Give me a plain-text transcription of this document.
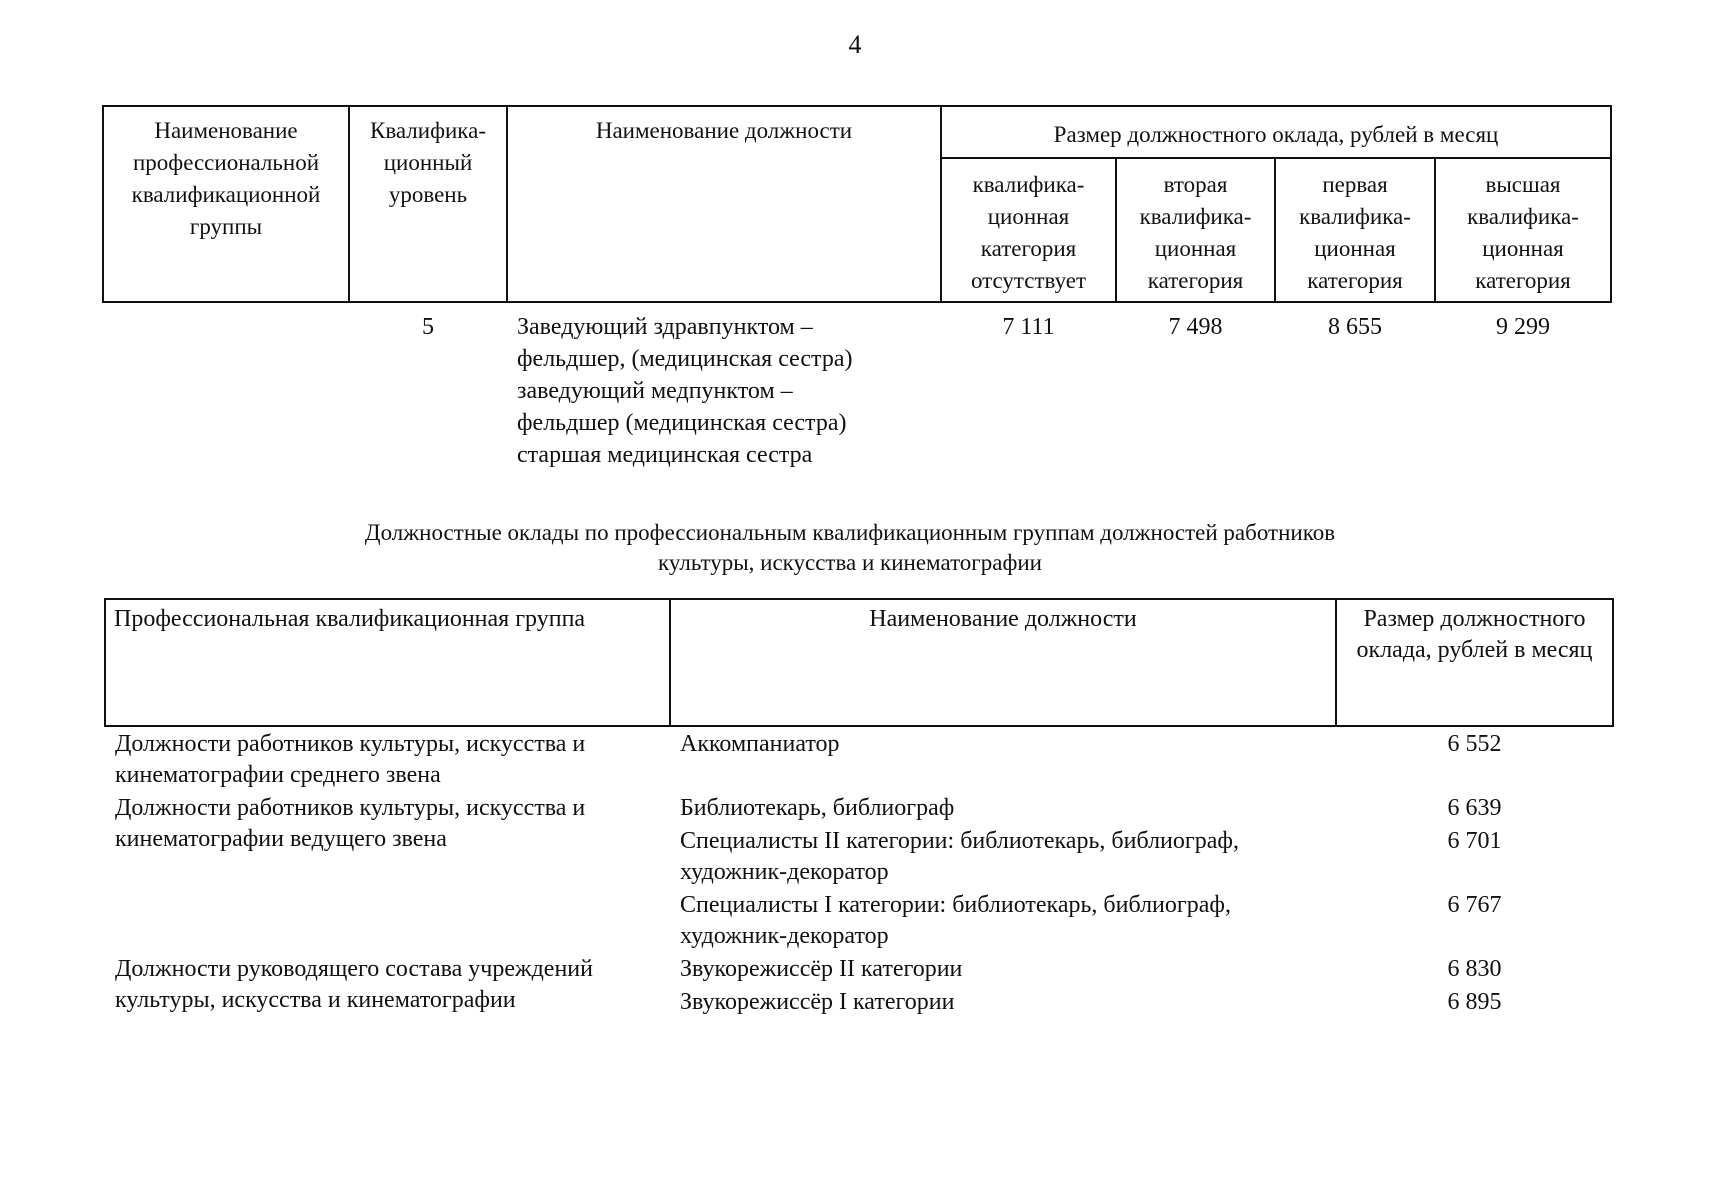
4
Наименование профессиональной квалификационной группы	Квалифика-ционный уровень	Наименование должности	Размер должностного оклада, рублей в месяц			
			квалифика-ционная категория отсутствует	вторая квалифика-ционная категория	первая квалифика-ционная категория	высшая квалифика-ционная категория
	5	Заведующий здравпунктом –
фельдшер, (медицинская сестра)
заведующий медпунктом –
фельдшер (медицинская сестра)
старшая медицинская сестра	7 111	7 498	8 655	9 299
Должностные оклады по профессиональным квалификационным группам должностей работников
культуры, искусства и кинематографии
Профессиональная квалификационная группа	Наименование должности	Размер должностного оклада, рублей в месяц
Должности работников культуры, искусства и кинематографии среднего звена	Аккомпаниатор	6 552
Должности работников культуры, искусства и кинематографии ведущего звена	Библиотекарь, библиограф	6 639
	Специалисты II категории: библиотекарь, библиограф, художник-декоратор	6 701
	Специалисты I категории: библиотекарь, библиограф, художник-декоратор	6 767
Должности руководящего состава учреждений культуры, искусства и кинематографии	Звукорежиссёр II категории	6 830
	Звукорежиссёр I категории	6 895
